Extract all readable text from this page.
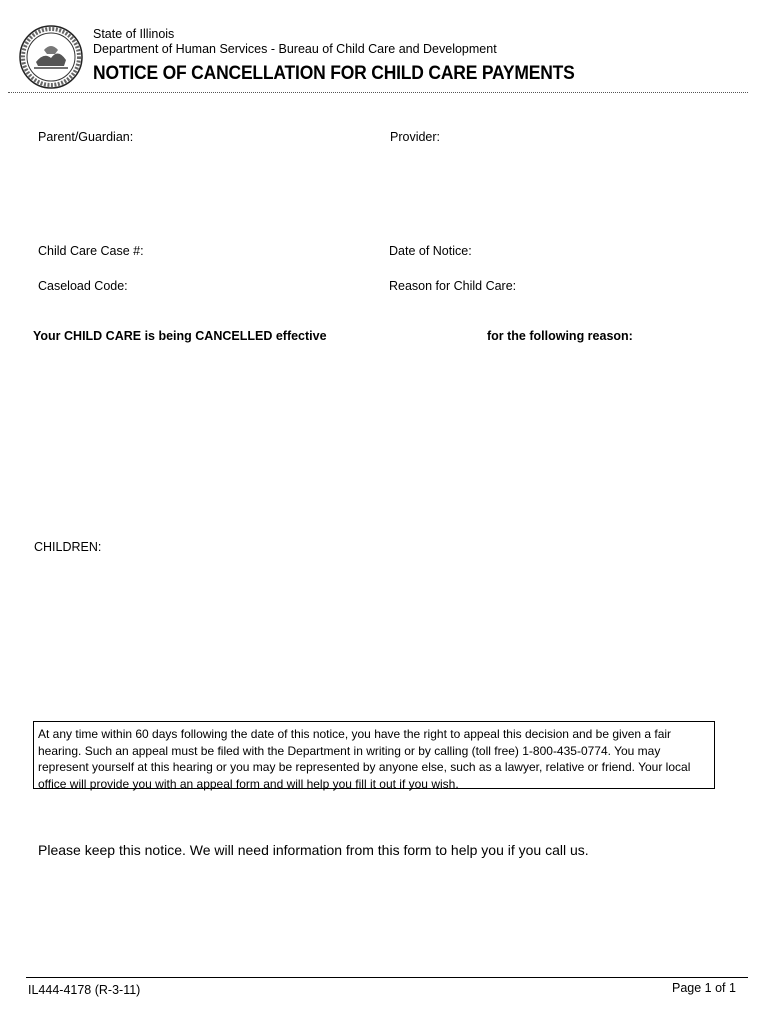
State of Illinois
Department of Human Services - Bureau of Child Care and Development
NOTICE OF CANCELLATION FOR CHILD CARE PAYMENTS
Parent/Guardian:	Provider:
Child Care Case #:	Date of Notice:
Caseload Code:	Reason for Child Care:
Your CHILD CARE is being CANCELLED effective	for the following reason:
CHILDREN:
At any time within 60 days following the date of this notice, you have the right to appeal this decision and be given a fair hearing. Such an appeal must be filed with the Department in writing or by calling (toll free) 1-800-435-0774. You may represent yourself at this hearing or you may be represented by anyone else, such as a lawyer, relative or friend. Your local office will provide you with an appeal form and will help you fill it out if you wish.
Please keep this notice. We will need information from this form to help you if you call us.
IL444-4178 (R-3-11)	Page 1 of 1
